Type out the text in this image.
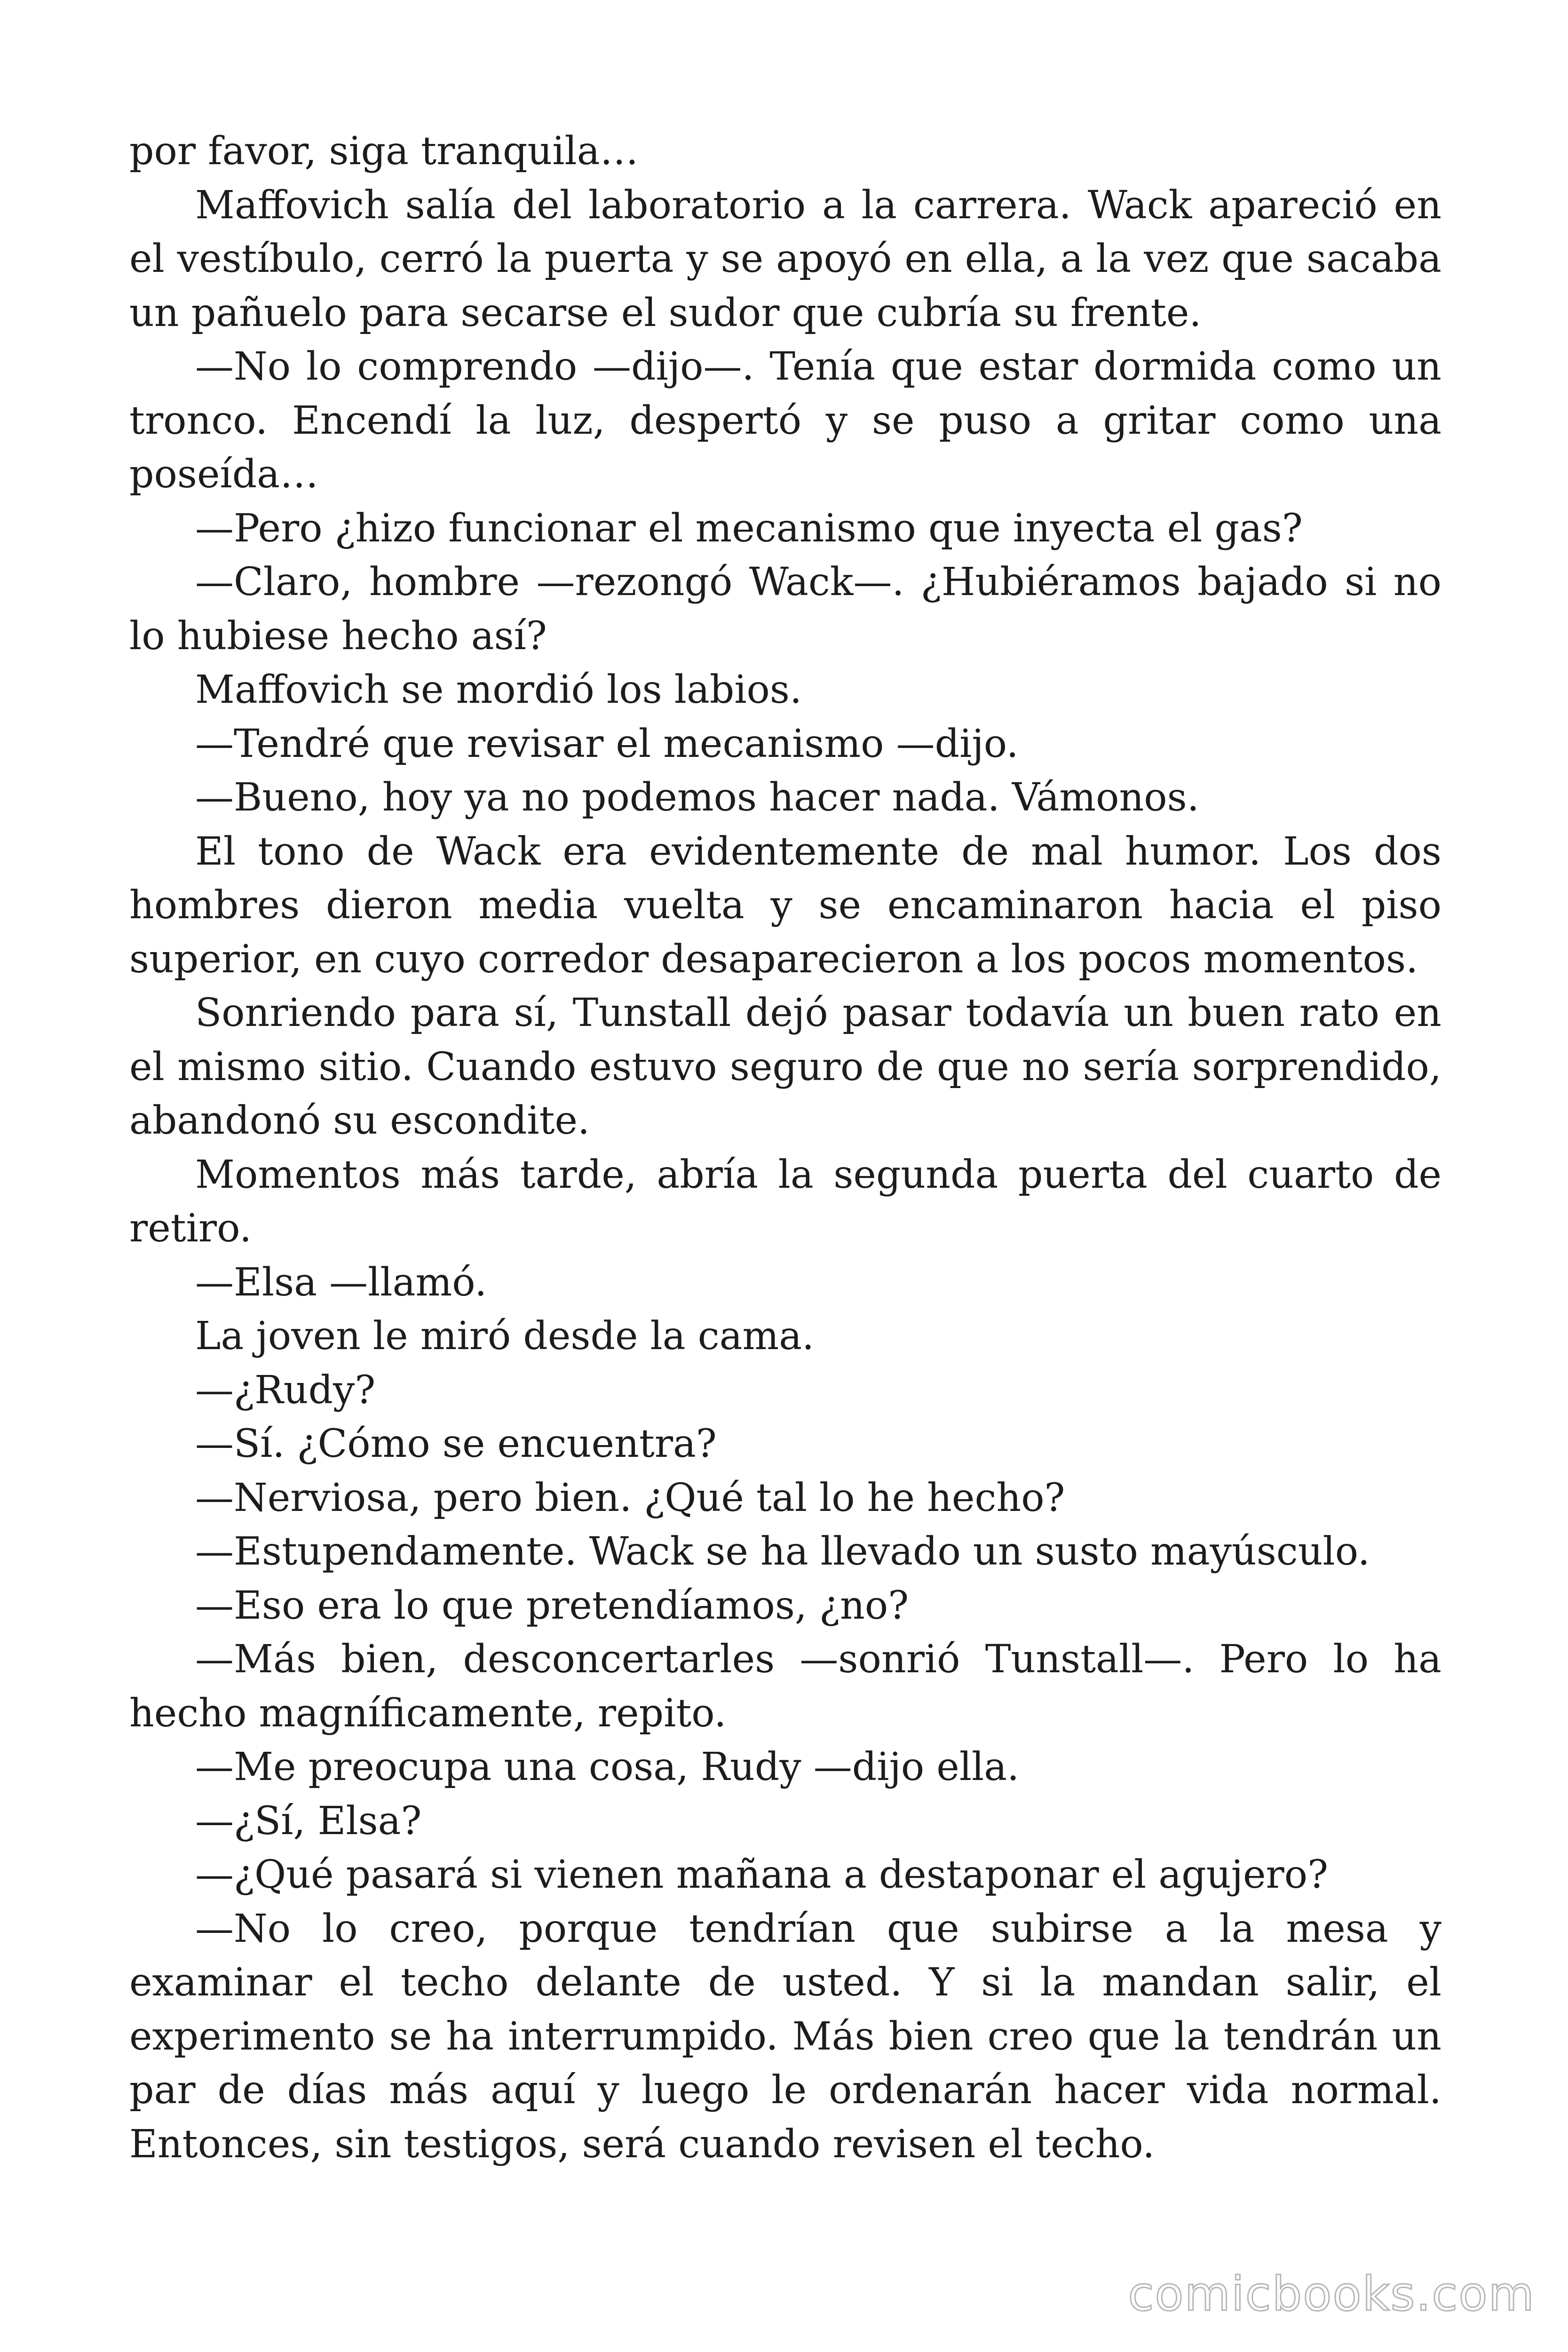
por favor, siga tranquila…

Maffovich salía del laboratorio a la carrera. Wack apareció en el vestíbulo, cerró la puerta y se apoyó en ella, a la vez que sacaba un pañuelo para secarse el sudor que cubría su frente.

—No lo comprendo —dijo—. Tenía que estar dormida como un tronco. Encendí la luz, despertó y se puso a gritar como una poseída…

—Pero ¿hizo funcionar el mecanismo que inyecta el gas?

—Claro, hombre —rezongó Wack—. ¿Hubiéramos bajado si no lo hubiese hecho así?

Maffovich se mordió los labios.

—Tendré que revisar el mecanismo —dijo.

—Bueno, hoy ya no podemos hacer nada. Vámonos.

El tono de Wack era evidentemente de mal humor. Los dos hombres dieron media vuelta y se encaminaron hacia el piso superior, en cuyo corredor desaparecieron a los pocos momentos.

Sonriendo para sí, Tunstall dejó pasar todavía un buen rato en el mismo sitio. Cuando estuvo seguro de que no sería sorprendido, abandonó su escondite.

Momentos más tarde, abría la segunda puerta del cuarto de retiro.

—Elsa —llamó.

La joven le miró desde la cama.

—¿Rudy?

—Sí. ¿Cómo se encuentra?

—Nerviosa, pero bien. ¿Qué tal lo he hecho?

—Estupendamente. Wack se ha llevado un susto mayúsculo.

—Eso era lo que pretendíamos, ¿no?

—Más bien, desconcertarles —sonrió Tunstall—. Pero lo ha hecho magníficamente, repito.

—Me preocupa una cosa, Rudy —dijo ella.

—¿Sí, Elsa?

—¿Qué pasará si vienen mañana a destaponar el agujero?

—No lo creo, porque tendrían que subirse a la mesa y examinar el techo delante de usted. Y si la mandan salir, el experimento se ha interrumpido. Más bien creo que la tendrán un par de días más aquí y luego le ordenarán hacer vida normal. Entonces, sin testigos, será cuando revisen el techo.

comicbooks.com
